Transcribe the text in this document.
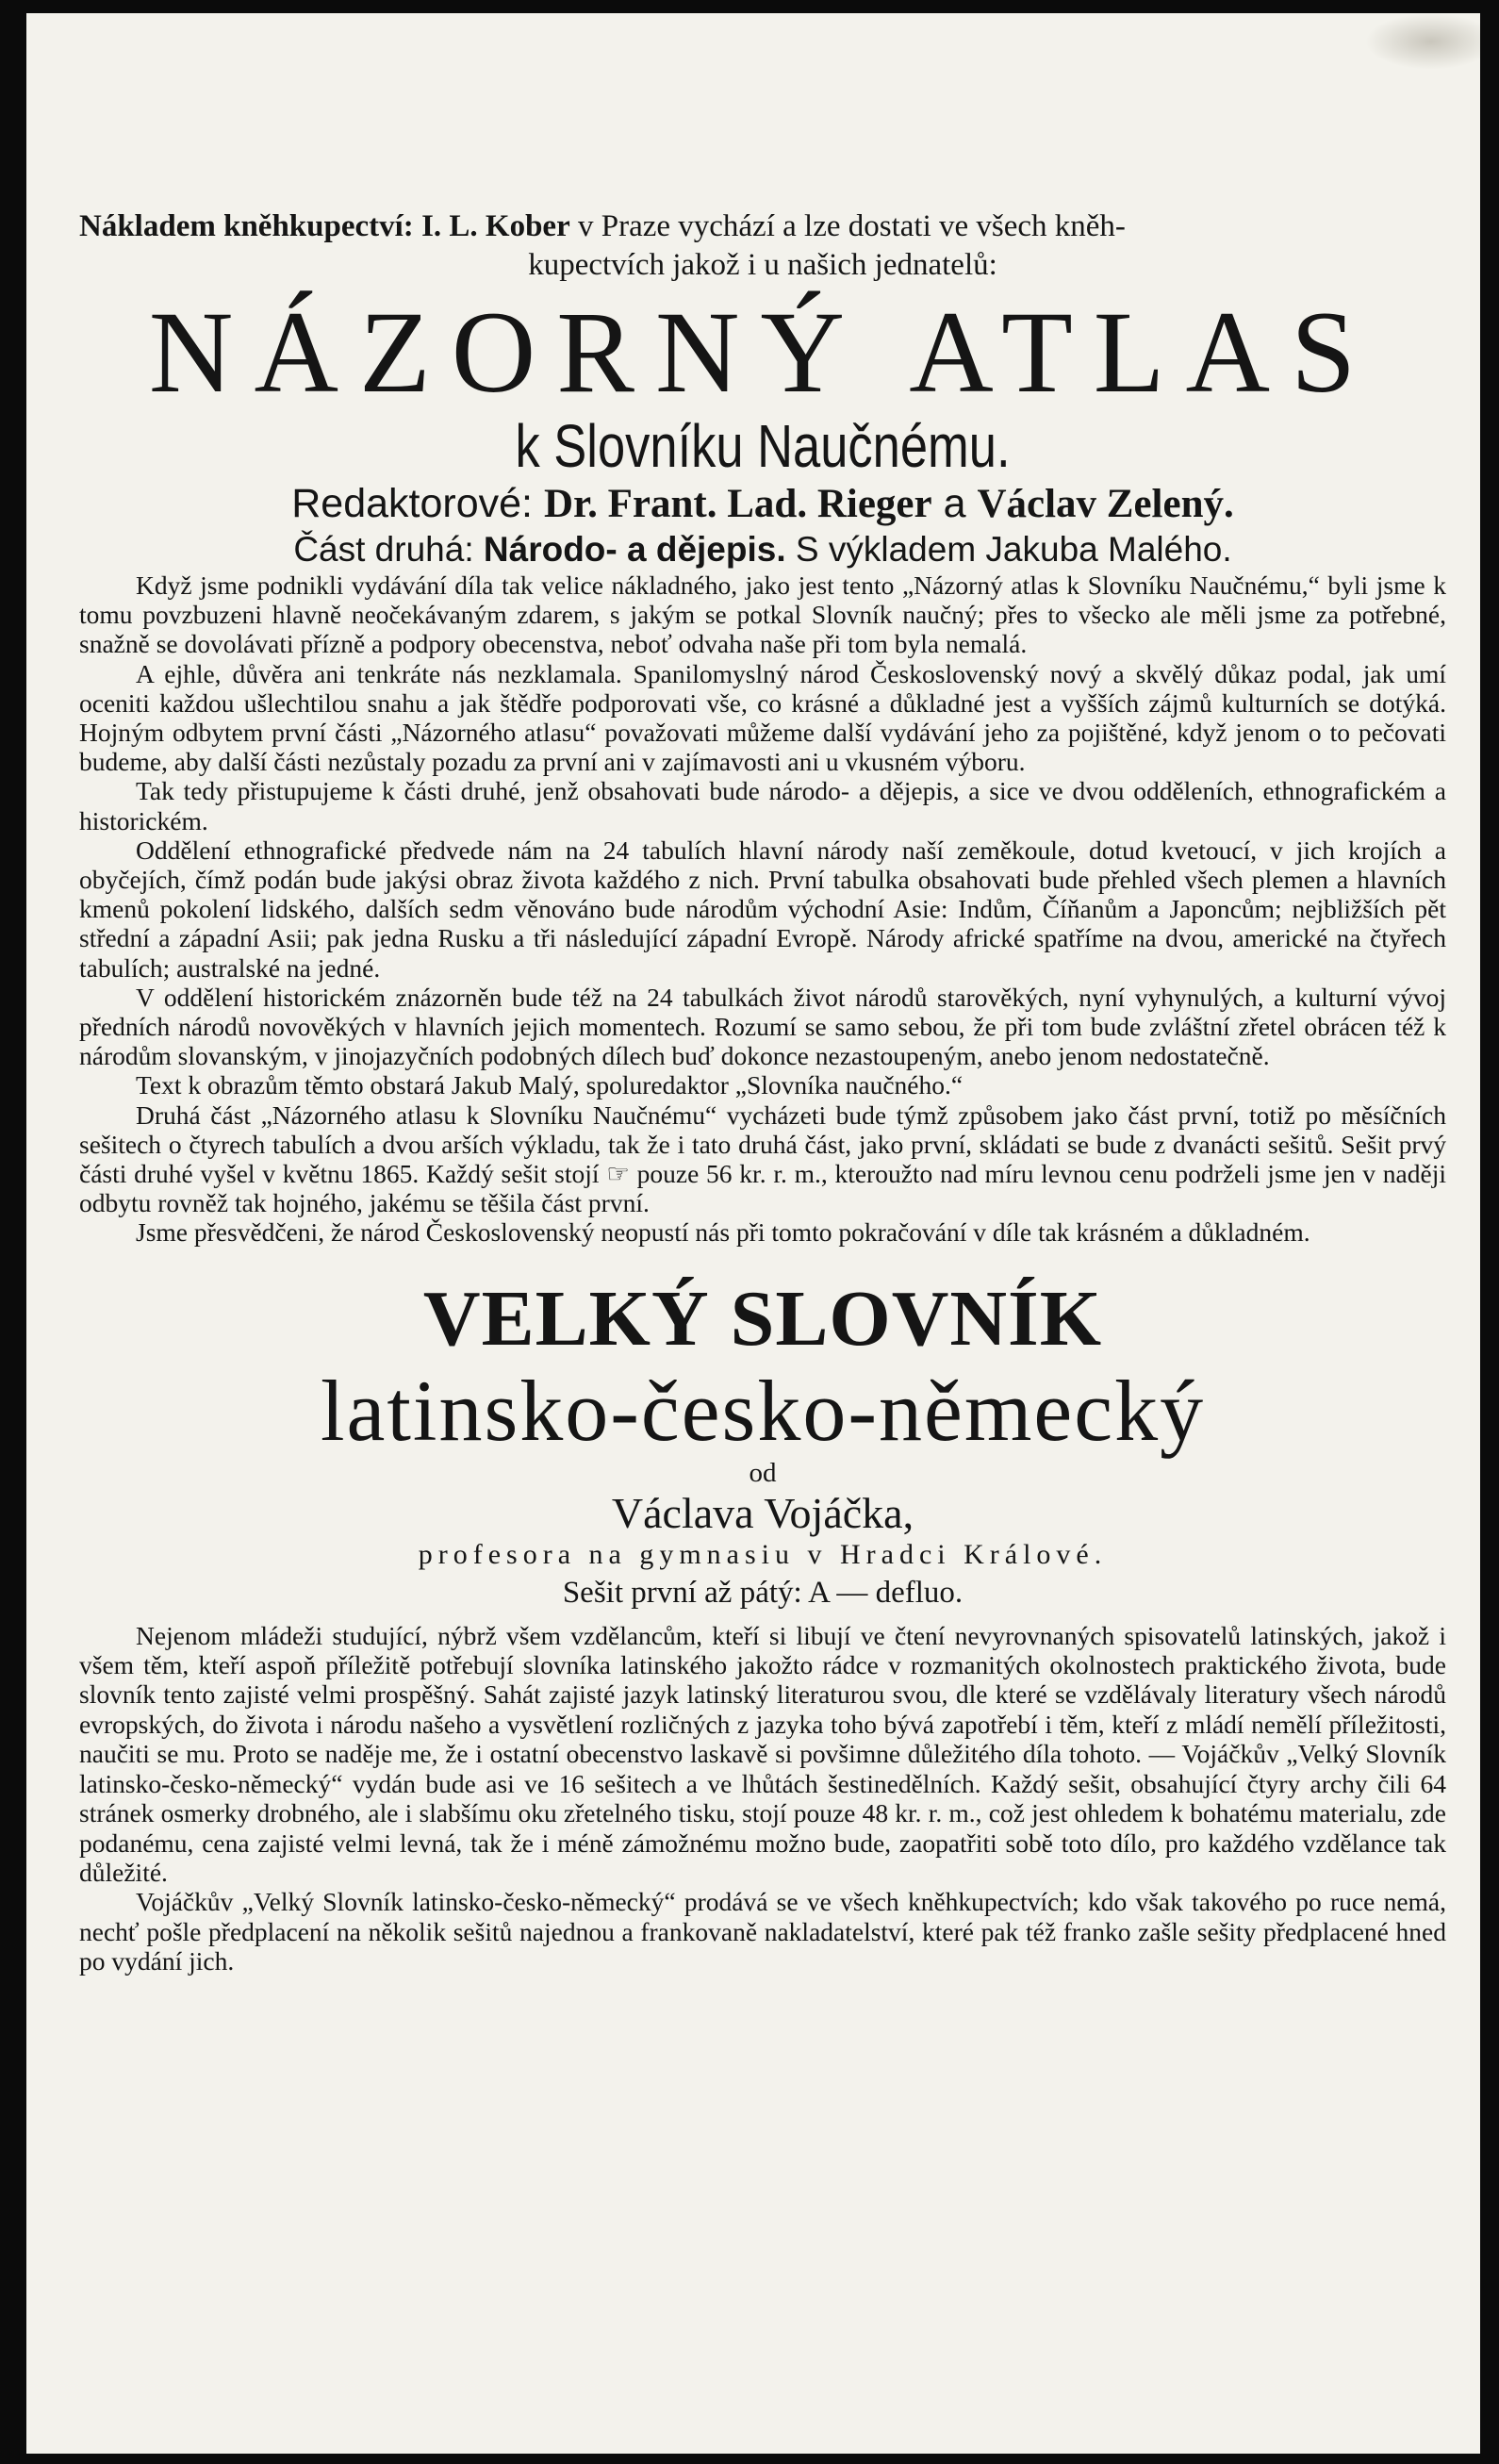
Nákladem kněhkupectví: I. L. Kober v Praze vychází a lze dostati ve všech kněh-
kupectvích jakož i u našich jednatelů:
NÁZORNÝ ATLAS
k Slovníku Naučnému.
Redaktorové: Dr. Frant. Lad. Rieger a Václav Zelený.
Část druhá: Národo- a dějepis. S výkladem Jakuba Malého.

Když jsme podnikli vydávání díla tak velice nákladného, jako jest tento „Názorný atlas k Slovníku Naučnému,“ byli jsme k tomu povzbuzeni hlavně neočekávaným zdarem, s jakým se potkal Slovník naučný; přes to všecko ale měli jsme za potřebné, snažně se dovolávati přízně a podpory obecenstva, neboť odvaha naše při tom byla nemalá.

A ejhle, důvěra ani tenkráte nás nezklamala. Spanilomyslný národ Československý nový a skvělý důkaz podal, jak umí oceniti každou ušlechtilou snahu a jak štědře podporovati vše, co krásné a důkladné jest a vyšších zájmů kulturních se dotýká. Hojným odbytem první části „Názorného atlasu“ považovati můžeme další vydávání jeho za pojištěné, když jenom o to pečovati budeme, aby další části nezůstaly pozadu za první ani v zajímavosti ani u vkusném výboru.

Tak tedy přistupujeme k části druhé, jenž obsahovati bude národo- a dějepis, a sice ve dvou odděleních, ethnografickém a historickém.

Oddělení ethnografické předvede nám na 24 tabulích hlavní národy naší zeměkoule, dotud kvetoucí, v jich krojích a obyčejích, čímž podán bude jakýsi obraz života každého z nich. První tabulka obsahovati bude přehled všech plemen a hlavních kmenů pokolení lidského, dalších sedm věnováno bude národům východní Asie: Indům, Číňanům a Japoncům; nejbližších pět střední a západní Asii; pak jedna Rusku a tři následující západní Evropě. Národy africké spatříme na dvou, americké na čtyřech tabulích; australské na jedné.

V oddělení historickém znázorněn bude též na 24 tabulkách život národů starověkých, nyní vyhynulých, a kulturní vývoj předních národů novověkých v hlavních jejich momentech. Rozumí se samo sebou, že při tom bude zvláštní zřetel obrácen též k národům slovanským, v jinojazyčních podobných dílech buď dokonce nezastoupeným, anebo jenom nedostatečně.

Text k obrazům těmto obstará Jakub Malý, spoluredaktor „Slovníka naučného.“

Druhá část „Názorného atlasu k Slovníku Naučnému“ vycházeti bude týmž způsobem jako část první, totiž po měsíčních sešitech o čtyrech tabulích a dvou arších výkladu, tak že i tato druhá část, jako první, skládati se bude z dvanácti sešitů. Sešit prvý části druhé vyšel v květnu 1865. Každý sešit stojí ☞ pouze 56 kr. r. m., kteroužto nad míru levnou cenu podrželi jsme jen v naději odbytu rovněž tak hojného, jakému se těšila část první.

Jsme přesvědčeni, že národ Československý neopustí nás při tomto pokračování v díle tak krásném a důkladném.

VELKÝ SLOVNÍK
latinsko-česko-německý
od
Václava Vojáčka,
profesora na gymnasiu v Hradci Králové.
Sešit první až pátý: A — defluo.

Nejenom mládeži studující, nýbrž všem vzdělancům, kteří si libují ve čtení nevyrovnaných spisovatelů latinských, jakož i všem těm, kteří aspoň příležitě potřebují slovníka latinského jakožto rádce v rozmanitých okolnostech praktického života, bude slovník tento zajisté velmi prospěšný. Sahát zajisté jazyk latinský literaturou svou, dle které se vzdělávaly literatury všech národů evropských, do života i národu našeho a vysvětlení rozličných z jazyka toho bývá zapotřebí i těm, kteří z mládí nemělí příležitosti, naučiti se mu. Proto se naděje me, že i ostatní obecenstvo laskavě si povšimne důležitého díla tohoto. — Vojáčkův „Velký Slovník latinsko-česko-německý“ vydán bude asi ve 16 sešitech a ve lhůtách šestinedělních. Každý sešit, obsahující čtyry archy čili 64 stránek osmerky drobného, ale i slabšímu oku zřetelného tisku, stojí pouze 48 kr. r. m., což jest ohledem k bohatému materialu, zde podanému, cena zajisté velmi levná, tak že i méně zámožnému možno bude, zaopatřiti sobě toto dílo, pro každého vzdělance tak důležité.

Vojáčkův „Velký Slovník latinsko-česko-německý“ prodává se ve všech kněhkupectvích; kdo však takového po ruce nemá, nechť pošle předplacení na několik sešitů najednou a frankovaně nakladatelství, které pak též franko zašle sešity předplacené hned po vydání jich.
